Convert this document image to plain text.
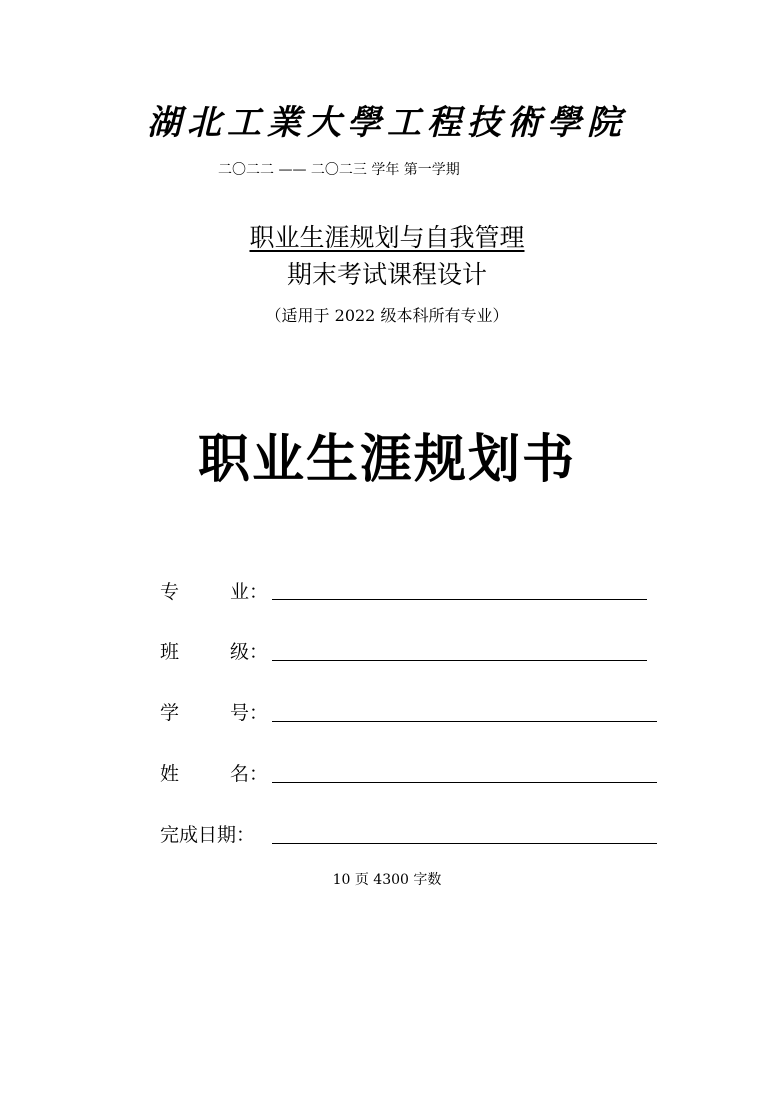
湖北工業大學工程技術學院
二〇二二 —— 二〇二三 学年 第一学期
职业生涯规划与自我管理
期末考试课程设计
（适用于 2022 级本科所有专业）
职业生涯规划书
专	业：
班	级：
学	号：
姓	名：
完成日期：
10 页 4300 字数
